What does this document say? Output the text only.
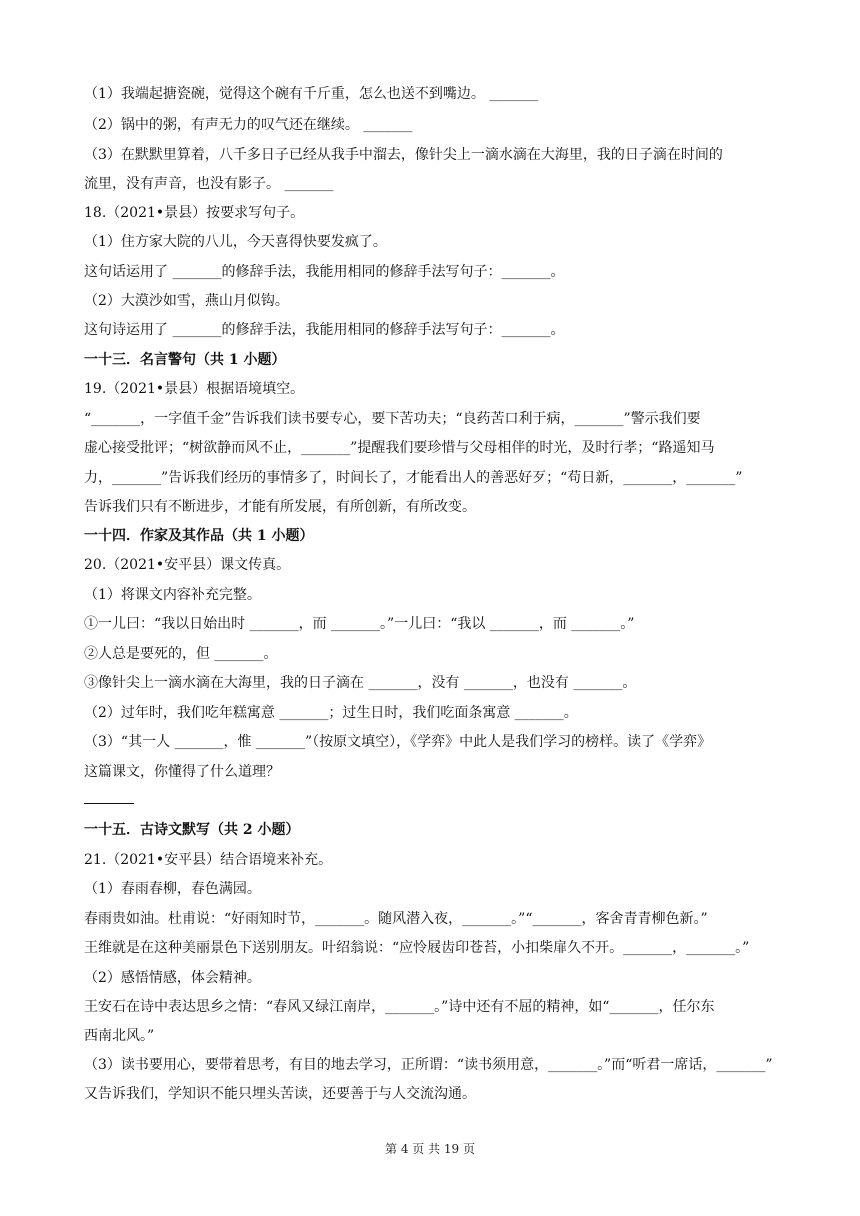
（1）我端起搪瓷碗，觉得这个碗有千斤重，怎么也送不到嘴边。 _______
（2）锅中的粥，有声无力的叹气还在继续。 _______
（3）在默默里算着，八千多日子已经从我手中溜去，像针尖上一滴水滴在大海里，我的日子滴在时间的
流里，没有声音，也没有影子。 _______
18.（2021•景县）按要求写句子。
（1）住方家大院的八儿，今天喜得快要发疯了。
这句话运用了 _______的修辞手法，我能用相同的修辞手法写句子：_______。
（2）大漠沙如雪，燕山月似钩。
这句诗运用了 _______的修辞手法，我能用相同的修辞手法写句子：_______。
一十三．名言警句（共 1 小题）
19.（2021•景县）根据语境填空。
“_______，一字值千金”告诉我们读书要专心，要下苦功夫；“良药苦口利于病，_______”警示我们要
虚心接受批评；“树欲静而风不止，_______”提醒我们要珍惜与父母相伴的时光，及时行孝；“路遥知马
力，_______”告诉我们经历的事情多了，时间长了，才能看出人的善恶好歹；“苟日新，_______，_______”
告诉我们只有不断进步，才能有所发展，有所创新，有所改变。
一十四．作家及其作品（共 1 小题）
20.（2021•安平县）课文传真。
（1）将课文内容补充完整。
①一儿曰：“我以日始出时 _______，而 _______。”一儿曰：“我以 _______，而 _______。”
②人总是要死的，但 _______。
③像针尖上一滴水滴在大海里，我的日子滴在 _______，没有 _______，也没有 _______。
（2）过年时，我们吃年糕寓意 _______；过生日时，我们吃面条寓意 _______。
（3）“其一人 _______，惟 _______”（按原文填空），《学弈》中此人是我们学习的榜样。读了《学弈》
这篇课文，你懂得了什么道理？
一十五．古诗文默写（共 2 小题）
21.（2021•安平县）结合语境来补充。
（1）春雨春柳，春色满园。
春雨贵如油。杜甫说：“好雨知时节，_______。随风潜入夜，_______。”“_______，客舍青青柳色新。”
王维就是在这种美丽景色下送别朋友。叶绍翁说：“应怜屐齿印苍苔，小扣柴扉久不开。_______，_______。”
（2）感悟情感，体会精神。
王安石在诗中表达思乡之情：“春风又绿江南岸，_______。”诗中还有不屈的精神，如“_______，任尔东
西南北风。”
（3）读书要用心，要带着思考，有目的地去学习，正所谓：“读书须用意，_______。”而“听君一席话，_______”
又告诉我们，学知识不能只埋头苦读，还要善于与人交流沟通。
第 4 页 共 19 页
